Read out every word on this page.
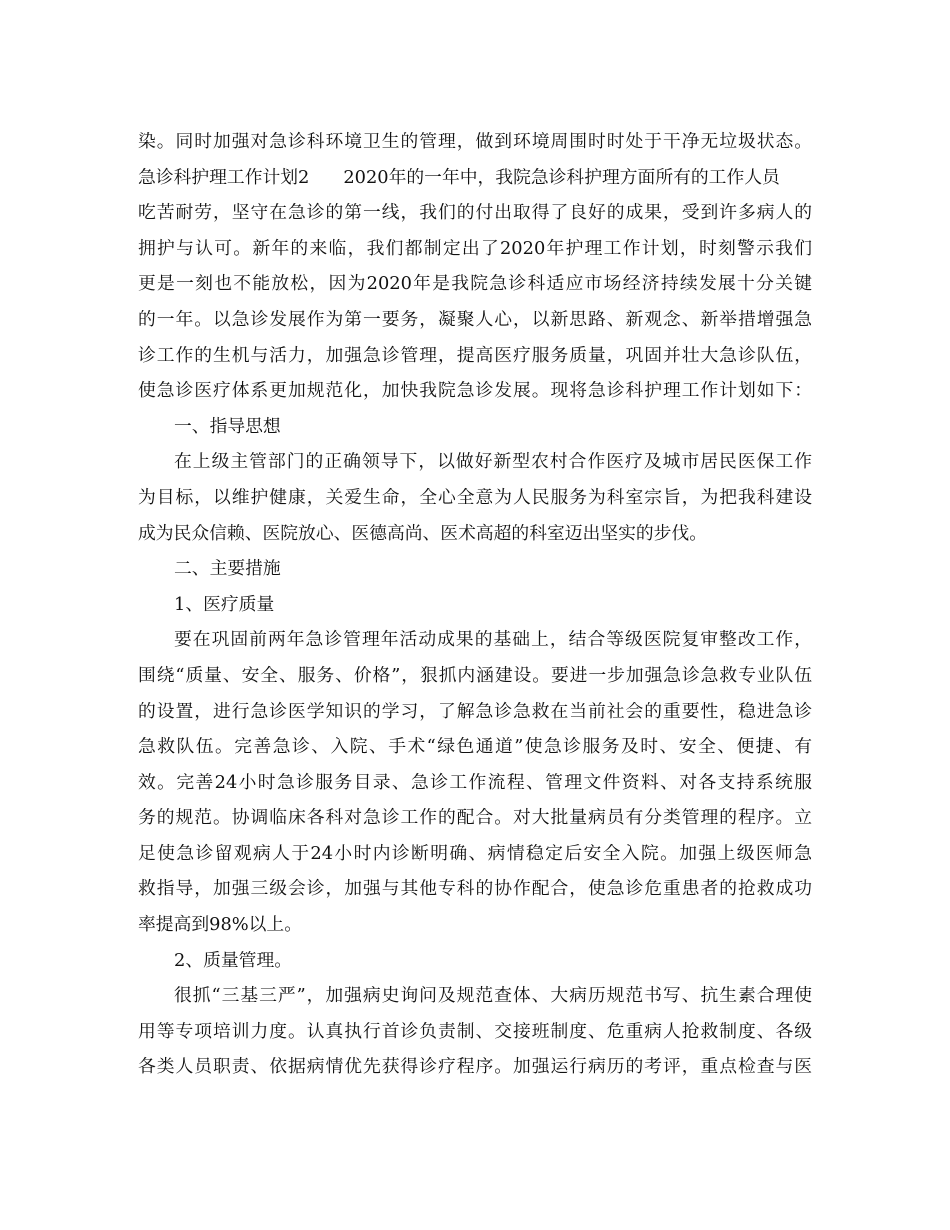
染。同时加强对急诊科环境卫生的管理，做到环境周围时时处于干净无垃圾状态。
急诊科护理工作计划2 2020年的一年中，我院急诊科护理方面所有的工作人员
吃苦耐劳，坚守在急诊的第一线，我们的付出取得了良好的成果，受到许多病人的
拥护与认可。新年的来临，我们都制定出了2020年护理工作计划，时刻警示我们
更是一刻也不能放松，因为2020年是我院急诊科适应市场经济持续发展十分关键
的一年。以急诊发展作为第一要务，凝聚人心，以新思路、新观念、新举措增强急
诊工作的生机与活力，加强急诊管理，提高医疗服务质量，巩固并壮大急诊队伍，
使急诊医疗体系更加规范化，加快我院急诊发展。现将急诊科护理工作计划如下：
一、指导思想
在上级主管部门的正确领导下，以做好新型农村合作医疗及城市居民医保工作
为目标，以维护健康，关爱生命，全心全意为人民服务为科室宗旨，为把我科建设
成为民众信赖、医院放心、医德高尚、医术高超的科室迈出坚实的步伐。
二、主要措施
1、医疗质量
要在巩固前两年急诊管理年活动成果的基础上，结合等级医院复审整改工作，
围绕“质量、安全、服务、价格”，狠抓内涵建设。要进一步加强急诊急救专业队伍
的设置，进行急诊医学知识的学习，了解急诊急救在当前社会的重要性，稳进急诊
急救队伍。完善急诊、入院、手术“绿色通道”使急诊服务及时、安全、便捷、有
效。完善24小时急诊服务目录、急诊工作流程、管理文件资料、对各支持系统服
务的规范。协调临床各科对急诊工作的配合。对大批量病员有分类管理的程序。立
足使急诊留观病人于24小时内诊断明确、病情稳定后安全入院。加强上级医师急
救指导，加强三级会诊，加强与其他专科的协作配合，使急诊危重患者的抢救成功
率提高到98%以上。
2、质量管理。
很抓“三基三严”，加强病史询问及规范查体、大病历规范书写、抗生素合理使
用等专项培训力度。认真执行首诊负责制、交接班制度、危重病人抢救制度、各级
各类人员职责、依据病情优先获得诊疗程序。加强运行病历的考评，重点检查与医
